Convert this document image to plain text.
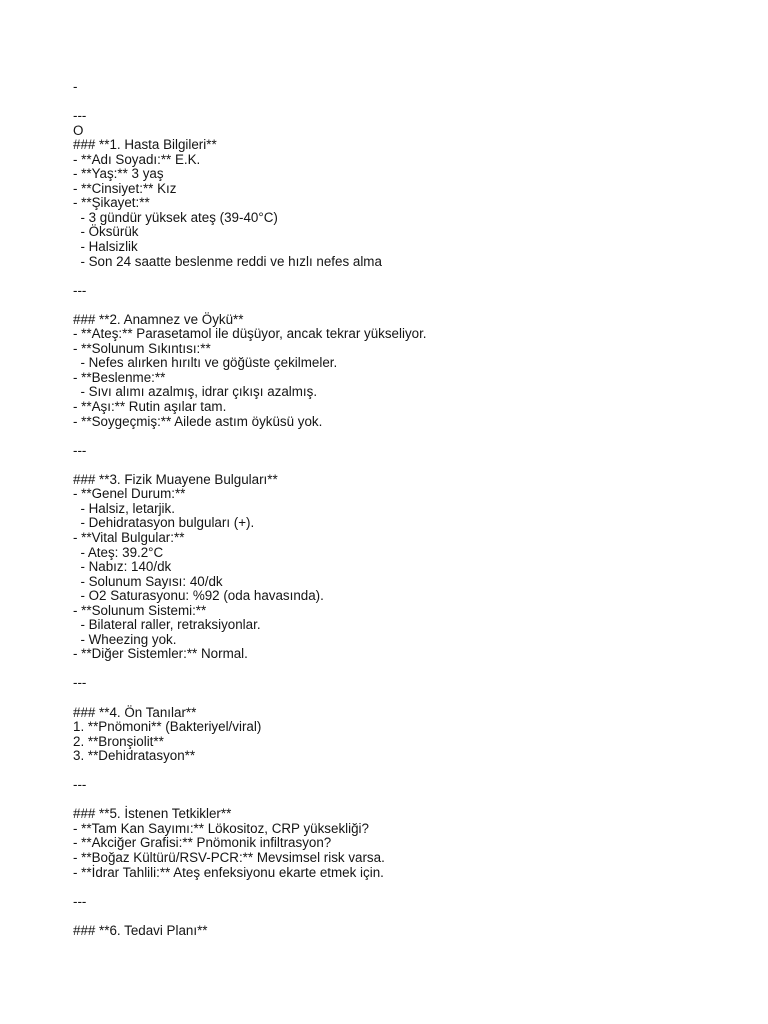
-
---
O
### **1. Hasta Bilgileri**
- **Adı Soyadı:** E.K.
- **Yaş:** 3 yaş
- **Cinsiyet:** Kız
- **Şikayet:**
- 3 gündür yüksek ateş (39-40°C)
- Öksürük
- Halsizlik
- Son 24 saatte beslenme reddi ve hızlı nefes alma
---
### **2. Anamnez ve Öykü**
- **Ateş:** Parasetamol ile düşüyor, ancak tekrar yükseliyor.
- **Solunum Sıkıntısı:**
- Nefes alırken hırıltı ve göğüste çekilmeler.
- **Beslenme:**
- Sıvı alımı azalmış, idrar çıkışı azalmış.
- **Aşı:** Rutin aşılar tam.
- **Soygeçmiş:** Ailede astım öyküsü yok.
---
### **3. Fizik Muayene Bulguları**
- **Genel Durum:**
- Halsiz, letarjik.
- Dehidratasyon bulguları (+).
- **Vital Bulgular:**
- Ateş: 39.2°C
- Nabız: 140/dk
- Solunum Sayısı: 40/dk
- O2 Saturasyonu: %92 (oda havasında).
- **Solunum Sistemi:**
- Bilateral raller, retraksiyonlar.
- Wheezing yok.
- **Diğer Sistemler:** Normal.
---
### **4. Ön Tanılar**
1. **Pnömoni** (Bakteriyel/viral)
2. **Bronşiolit**
3. **Dehidratasyon**
---
### **5. İstenen Tetkikler**
- **Tam Kan Sayımı:** Lökositoz, CRP yüksekliği?
- **Akciğer Grafisi:** Pnömonik infiltrasyon?
- **Boğaz Kültürü/RSV-PCR:** Mevsimsel risk varsa.
- **İdrar Tahlili:** Ateş enfeksiyonu ekarte etmek için.
---
### **6. Tedavi Planı**
